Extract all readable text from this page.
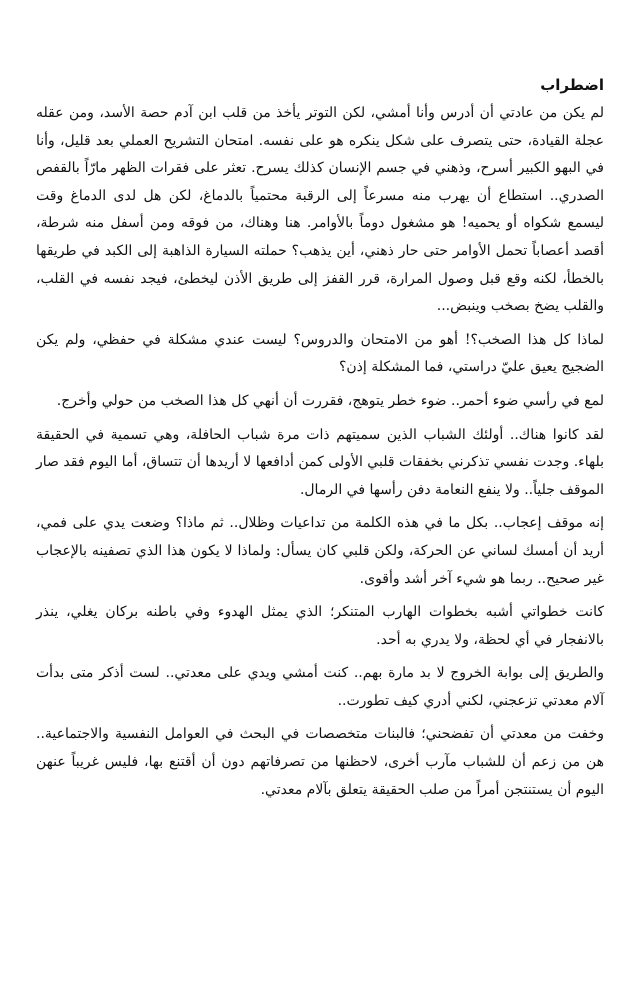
اضطراب

لم يكن من عادتي أن أدرس وأنا أمشي، لكن التوتر يأخذ من قلب ابن آدم حصة الأسد، ومن عقله عجلة القيادة، حتى يتصرف على شكل ينكره هو على نفسه. امتحان التشريح العملي بعد قليل، وأنا في البهو الكبير أسرح، وذهني في جسم الإنسان كذلك يسرح. تعثر على فقرات الظهر مارّاً بالقفص الصدري.. استطاع أن يهرب منه مسرعاً إلى الرقبة محتمياً بالدماغ، لكن هل لدى الدماغ وقت ليسمع شكواه أو يحميه! هو مشغول دوماً بالأوامر. هنا وهناك، من فوقه ومن أسفل منه شرطة، أقصد أعصاباً تحمل الأوامر حتى حار ذهني، أين يذهب؟ حملته السيارة الذاهبة إلى الكبد في طريقها بالخطأ، لكنه وقع قبل وصول المرارة، قرر القفز إلى طريق الأذن ليخطئ، فيجد نفسه في القلب، والقلب يضخ بصخب وينبض...

لماذا كل هذا الصخب؟! أهو من الامتحان والدروس؟ ليست عندي مشكلة في حفظي، ولم يكن الضجيج يعيق عليّ دراستي، فما المشكلة إذن؟

لمع في رأسي ضوء أحمر.. ضوء خطر يتوهج، فقررت أن أنهي كل هذا الصخب من حولي وأخرج.

لقد كانوا هناك.. أولئك الشباب الذين سميتهم ذات مرة شباب الحافلة، وهي تسمية في الحقيقة بلهاء. وجدت نفسي تذكرني بخفقات قلبي الأولى كمن أدافعها لا أريدها أن تتساق، أما اليوم فقد صار الموقف جلياً.. ولا ينفع النعامة دفن رأسها في الرمال.

إنه موقف إعجاب.. بكل ما في هذه الكلمة من تداعيات وظلال.. ثم ماذا؟ وضعت يدي على فمي، أريد أن أمسك لساني عن الحركة، ولكن قلبي كان يسأل: ولماذا لا يكون هذا الذي تصفينه بالإعجاب غير صحيح.. ربما هو شيء آخر أشد وأقوى.

كانت خطواتي أشبه بخطوات الهارب المتنكر؛ الذي يمثل الهدوء وفي باطنه بركان يغلي، ينذر بالانفجار في أي لحظة، ولا يدري به أحد.

والطريق إلى بوابة الخروج لا بد مارة بهم.. كنت أمشي ويدي على معدتي.. لست أذكر متى بدأت آلام معدتي تزعجني، لكني أدري كيف تطورت..

وخفت من معدتي أن تفضحني؛ فالبنات متخصصات في البحث في العوامل النفسية والاجتماعية.. هن من زعم أن للشباب مآرب أخرى، لاحظنها من تصرفاتهم دون أن أقتنع بها، فليس غريباً عنهن اليوم أن يستنتجن أمراً من صلب الحقيقة يتعلق بآلام معدتي.
